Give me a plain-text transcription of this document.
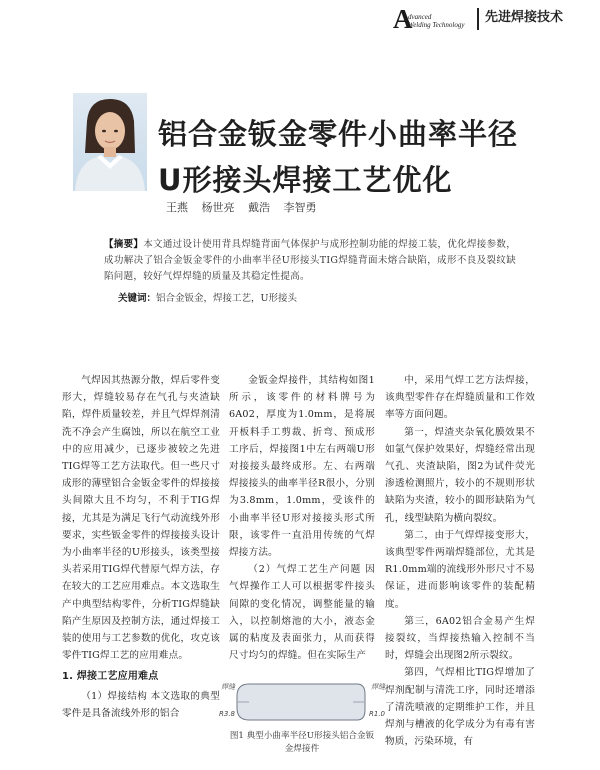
A
dvanced
Welding Technology 先进焊接技术
铝合金钣金零件小曲率半径
U形接头焊接工艺优化
王燕 杨世亮 戴浩 李智勇
【摘要】本文通过设计使用背具焊缝背面气体保护与成形控制功能的焊接工装，优化焊接参数，成功解决了铝合金钣金零件的小曲率半径U形接头TIG焊缝背面未熔合缺陷，成形不良及裂纹缺陷问题，较好气焊焊缝的质量及其稳定性提高。
关键词：铝合金钣金，焊接工艺，U形接头

气焊因其热源分散，焊后零件变形大，焊缝较易存在气孔与夹渣缺陷，焊件质量较差，并且气焊焊剂清洗不净会产生腐蚀，所以在航空工业中的应用减少，已逐步被较之先进TIG焊等工艺方法取代。但一些尺寸成形的薄壁铝合金钣金零件的焊接接头间隙大且不均匀，不利于TIG焊接，尤其是为满足飞行气动流线外形要求，实些钣金零件的焊接接头设计为小曲率半径的U形接头，该类型接头若采用TIG焊代替原气焊方法，存在较大的工艺应用难点。本文选取生产中典型结构零件，分析TIG焊缝缺陷产生原因及控制方法，通过焊接工装的使用与工艺参数的优化，攻克该零件TIG焊工艺的应用难点。

1. 焊接工艺应用难点

（1）焊接结构 本文选取的典型零件是具备流线外形的铝合

金钣金焊接件，其结构如图1所示，该零件的材料牌号为6A02，厚度为1.0mm，是将展开板料手工剪裁、折弯、预成形工序后，焊接图1中左右两端U形对接接头最终成形。左、右两端焊接接头的曲率半径R很小，分别为3.8mm，1.0mm，受该件的小曲率半径U形对接接头形式所限，该零件一直沿用传统的气焊焊接方法。

（2）气焊工艺生产问题 因气焊操作工人可以根据零件接头间隙的变化情况，调整能量的输入，以控制熔池的大小，液态金属的粘度及表面张力，从而获得尺寸均匀的焊缝。但在实际生产

焊缝	焊缝
R3.8	R1.0
图1 典型小曲率半径U形接头铝合金钣金焊接件

中，采用气焊工艺方法焊接，该典型零件存在焊缝质量和工作效率等方面问题。

第一，焊渣夹杂氧化膜效果不如氩气保护效果好，焊缝经常出现气孔、夹渣缺陷，图2为试件荧光渗透检测照片，较小的不规则形状缺陷为夹渣，较小的圆形缺陷为气孔，线型缺陷为横向裂纹。

第二，由于气焊焊接变形大，该典型零件两端焊缝部位，尤其是R1.0mm端的流线形外形尺寸不易保证，进而影响该零件的装配精度。

第三，6A02铝合金易产生焊接裂纹，当焊接热输入控制不当时，焊缝会出现图2所示裂纹。

第四，气焊相比TIG焊增加了焊剂配制与清洗工序，同时还增添了清洗喷液的定期维护工作，并且焊剂与槽液的化学成分为有毒有害物质，污染环境，有
